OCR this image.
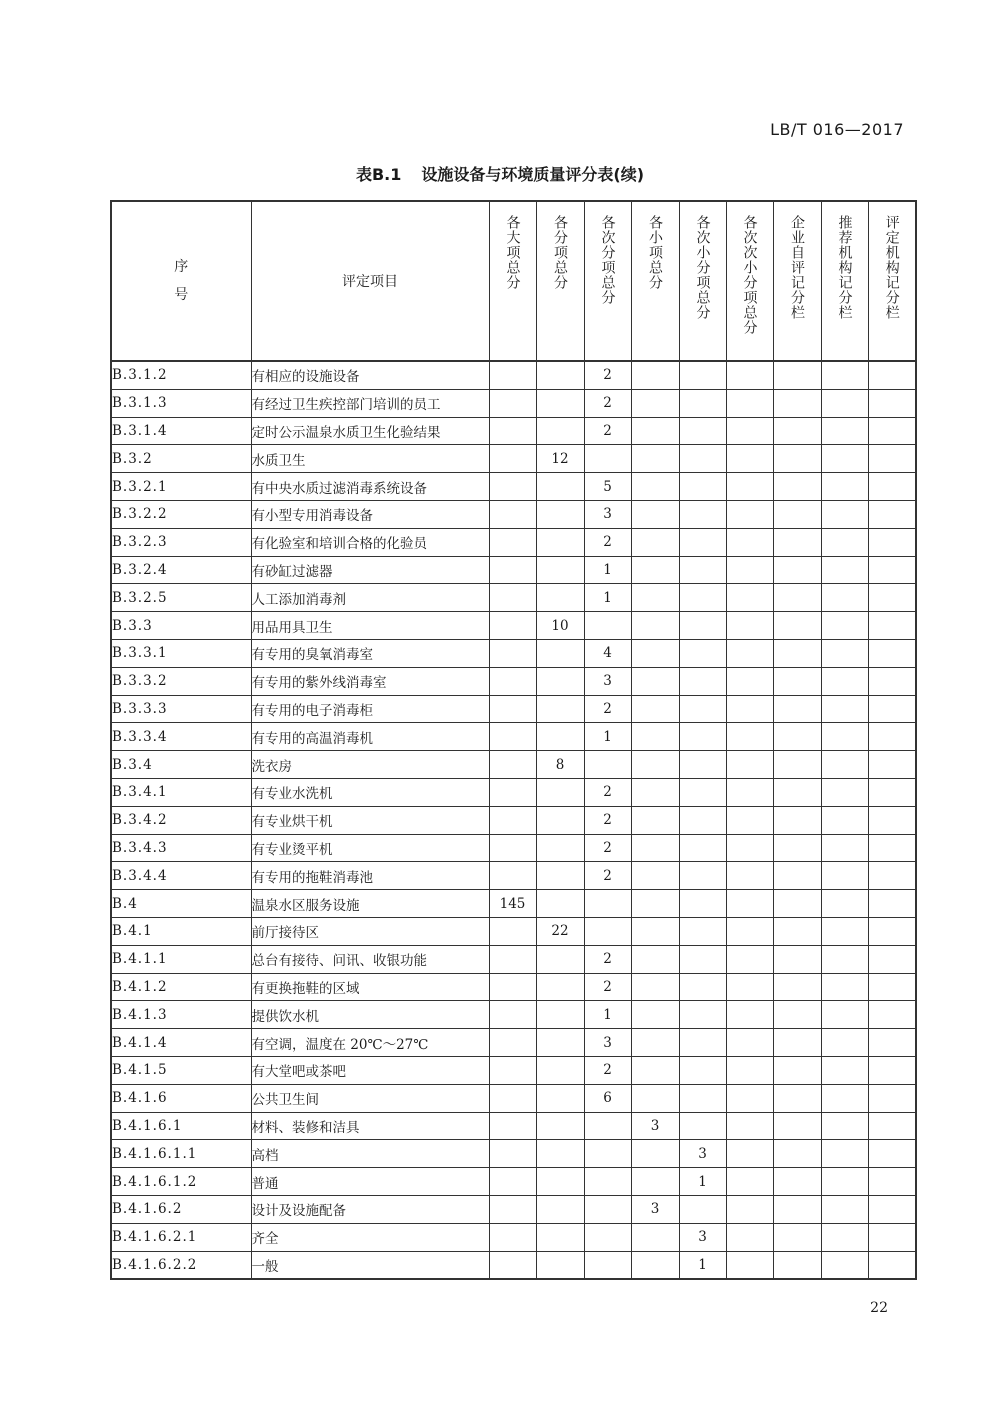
LB/T 016—2017
表B.1 设施设备与环境质量评分表(续)
序
号	评定项目	各大项总分	各分项总分	各次分项总分	各小项总分	各次小分项总分	各次次小分项总分	企业自评记分栏	推荐机构记分栏	评定机构记分栏

B.3.1.2	有相应的设施设备			2						
B.3.1.3	有经过卫生疾控部门培训的员工			2						
B.3.1.4	定时公示温泉水质卫生化验结果			2						
B.3.2	水质卫生		12							
B.3.2.1	有中央水质过滤消毒系统设备			5						
B.3.2.2	有小型专用消毒设备			3						
B.3.2.3	有化验室和培训合格的化验员			2						
B.3.2.4	有砂缸过滤器			1						
B.3.2.5	人工添加消毒剂			1						
B.3.3	用品用具卫生		10							
B.3.3.1	有专用的臭氧消毒室			4						
B.3.3.2	有专用的紫外线消毒室			3						
B.3.3.3	有专用的电子消毒柜			2						
B.3.3.4	有专用的高温消毒机			1						
B.3.4	洗衣房		8							
B.3.4.1	有专业水洗机			2						
B.3.4.2	有专业烘干机			2						
B.3.4.3	有专业烫平机			2						
B.3.4.4	有专用的拖鞋消毒池			2						
B.4	温泉水区服务设施	145								
B.4.1	前厅接待区		22							
B.4.1.1	总台有接待、问讯、收银功能			2						
B.4.1.2	有更换拖鞋的区域			2						
B.4.1.3	提供饮水机			1						
B.4.1.4	有空调，温度在 20℃～27℃			3						
B.4.1.5	有大堂吧或茶吧			2						
B.4.1.6	公共卫生间			6						
B.4.1.6.1	材料、装修和洁具				3					
B.4.1.6.1.1	高档					3				
B.4.1.6.1.2	普通					1				
B.4.1.6.2	设计及设施配备				3					
B.4.1.6.2.1	齐全					3				
B.4.1.6.2.2	一般					1				
22
